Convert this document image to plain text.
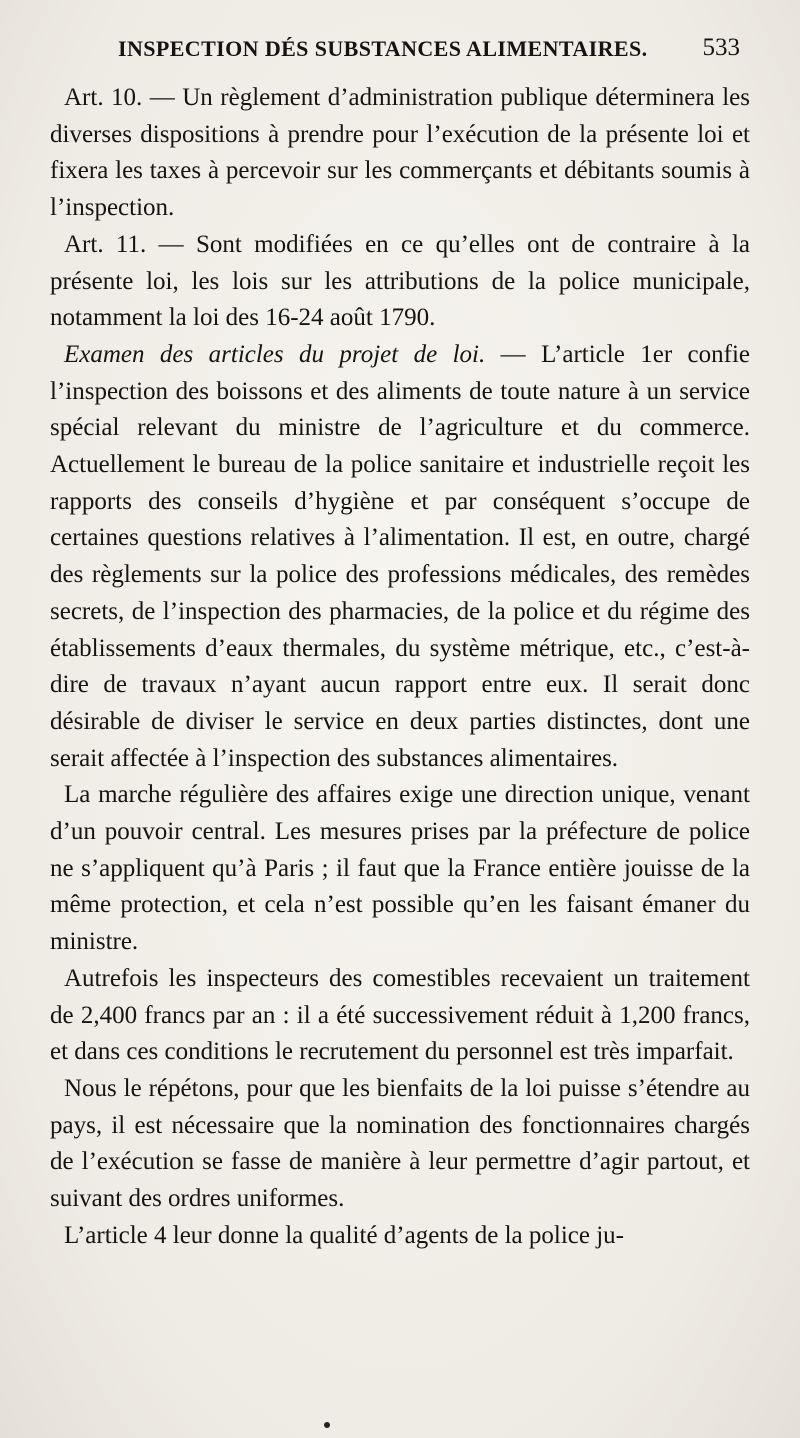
INSPECTION DÉS SUBSTANCES ALIMENTAIRES. 533

Art. 10. — Un règlement d’administration publique déterminera les diverses dispositions à prendre pour l’exécution de la présente loi et fixera les taxes à percevoir sur les commerçants et débitants soumis à l’inspection.

Art. 11. — Sont modifiées en ce qu’elles ont de contraire à la présente loi, les lois sur les attributions de la police municipale, notamment la loi des 16-24 août 1790.

Examen des articles du projet de loi. — L’article 1er confie l’inspection des boissons et des aliments de toute nature à un service spécial relevant du ministre de l’agriculture et du commerce. Actuellement le bureau de la police sanitaire et industrielle reçoit les rapports des conseils d’hygiène et par conséquent s’occupe de certaines questions relatives à l’alimentation. Il est, en outre, chargé des règlements sur la police des professions médicales, des remèdes secrets, de l’inspection des pharmacies, de la police et du régime des établissements d’eaux thermales, du système métrique, etc., c’est-à-dire de travaux n’ayant aucun rapport entre eux. Il serait donc désirable de diviser le service en deux parties distinctes, dont une serait affectée à l’inspection des substances alimentaires.

La marche régulière des affaires exige une direction unique, venant d’un pouvoir central. Les mesures prises par la préfecture de police ne s’appliquent qu’à Paris ; il faut que la France entière jouisse de la même protection, et cela n’est possible qu’en les faisant émaner du ministre.

Autrefois les inspecteurs des comestibles recevaient un traitement de 2,400 francs par an : il a été successivement réduit à 1,200 francs, et dans ces conditions le recrutement du personnel est très imparfait.

Nous le répétons, pour que les bienfaits de la loi puisse s’étendre au pays, il est nécessaire que la nomination des fonctionnaires chargés de l’exécution se fasse de manière à leur permettre d’agir partout, et suivant des ordres uniformes.

L’article 4 leur donne la qualité d’agents de la police ju-
